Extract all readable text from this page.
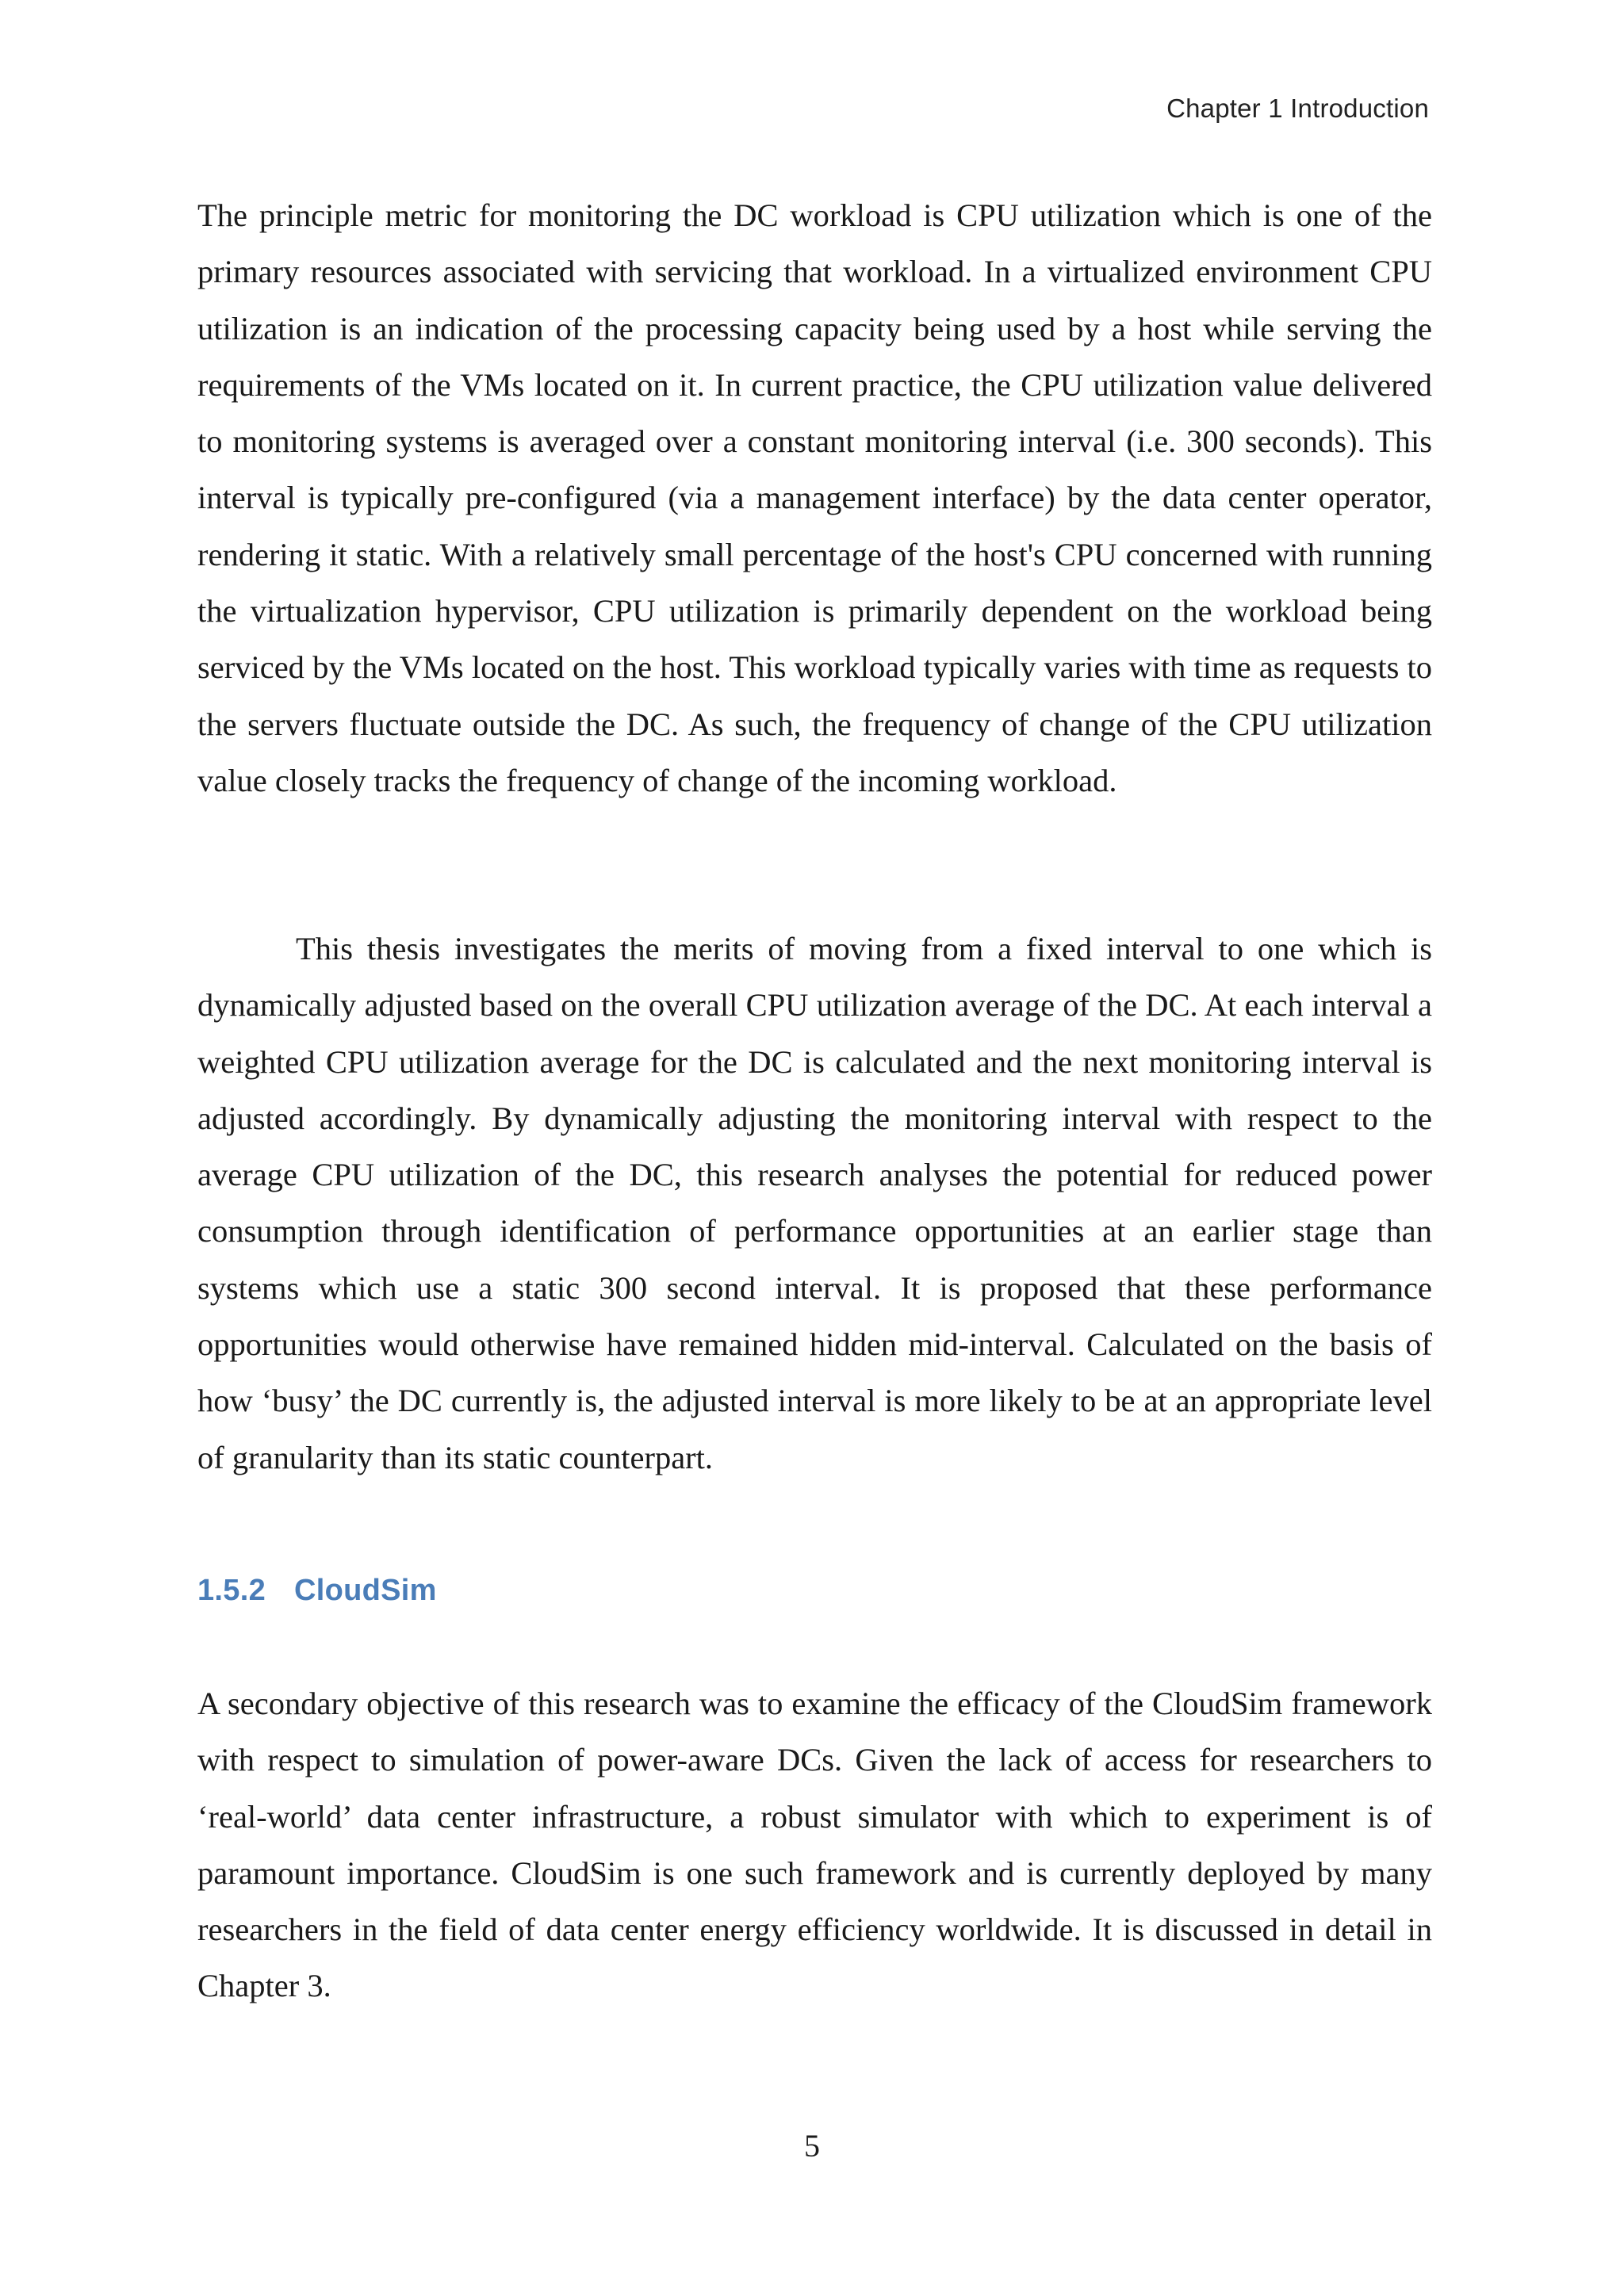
Chapter 1 Introduction

The principle metric for monitoring the DC workload is CPU utilization which is one of the primary resources associated with servicing that workload. In a virtualized environment CPU utilization is an indication of the processing capacity being used by a host while serving the requirements of the VMs located on it. In current practice, the CPU utilization value delivered to monitoring systems is averaged over a constant monitoring interval (i.e. 300 seconds). This interval is typically pre-configured (via a management interface) by the data center operator, rendering it static. With a relatively small percentage of the host's CPU concerned with running the virtualization hypervisor, CPU utilization is primarily dependent on the workload being serviced by the VMs located on the host. This workload typically varies with time as requests to the servers fluctuate outside the DC. As such, the frequency of change of the CPU utilization value closely tracks the frequency of change of the incoming workload.

This thesis investigates the merits of moving from a fixed interval to one which is dynamically adjusted based on the overall CPU utilization average of the DC. At each interval a weighted CPU utilization average for the DC is calculated and the next monitoring interval is adjusted accordingly. By dynamically adjusting the monitoring interval with respect to the average CPU utilization of the DC, this research analyses the potential for reduced power consumption through identification of performance opportunities at an earlier stage than systems which use a static 300 second interval. It is proposed that these performance opportunities would otherwise have remained hidden mid-interval. Calculated on the basis of how ‘busy’ the DC currently is, the adjusted interval is more likely to be at an appropriate level of granularity than its static counterpart.

1.5.2 CloudSim

A secondary objective of this research was to examine the efficacy of the CloudSim framework with respect to simulation of power-aware DCs. Given the lack of access for researchers to ‘real-world’ data center infrastructure, a robust simulator with which to experiment is of paramount importance. CloudSim is one such framework and is currently deployed by many researchers in the field of data center energy efficiency worldwide. It is discussed in detail in Chapter 3.

5
